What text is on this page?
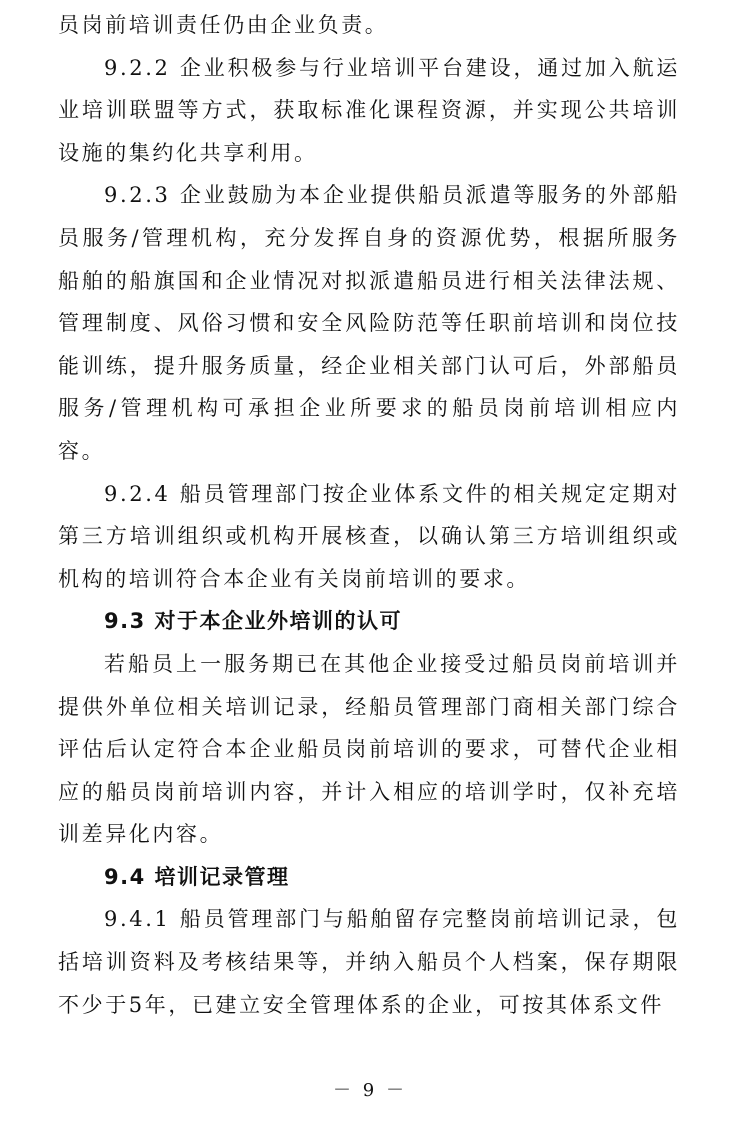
员岗前培训责任仍由企业负责。

9.2.2 企业积极参与行业培训平台建设，通过加入航运业培训联盟等方式，获取标准化课程资源，并实现公共培训设施的集约化共享利用。

9.2.3 企业鼓励为本企业提供船员派遣等服务的外部船员服务/管理机构，充分发挥自身的资源优势，根据所服务船舶的船旗国和企业情况对拟派遣船员进行相关法律法规、管理制度、风俗习惯和安全风险防范等任职前培训和岗位技能训练，提升服务质量，经企业相关部门认可后，外部船员服务/管理机构可承担企业所要求的船员岗前培训相应内容。

9.2.4 船员管理部门按企业体系文件的相关规定定期对第三方培训组织或机构开展核查，以确认第三方培训组织或机构的培训符合本企业有关岗前培训的要求。

9.3 对于本企业外培训的认可

若船员上一服务期已在其他企业接受过船员岗前培训并提供外单位相关培训记录，经船员管理部门商相关部门综合评估后认定符合本企业船员岗前培训的要求，可替代企业相应的船员岗前培训内容，并计入相应的培训学时，仅补充培训差异化内容。

9.4 培训记录管理

9.4.1 船员管理部门与船舶留存完整岗前培训记录，包括培训资料及考核结果等，并纳入船员个人档案，保存期限不少于5年，已建立安全管理体系的企业，可按其体系文件

－ 9 －
